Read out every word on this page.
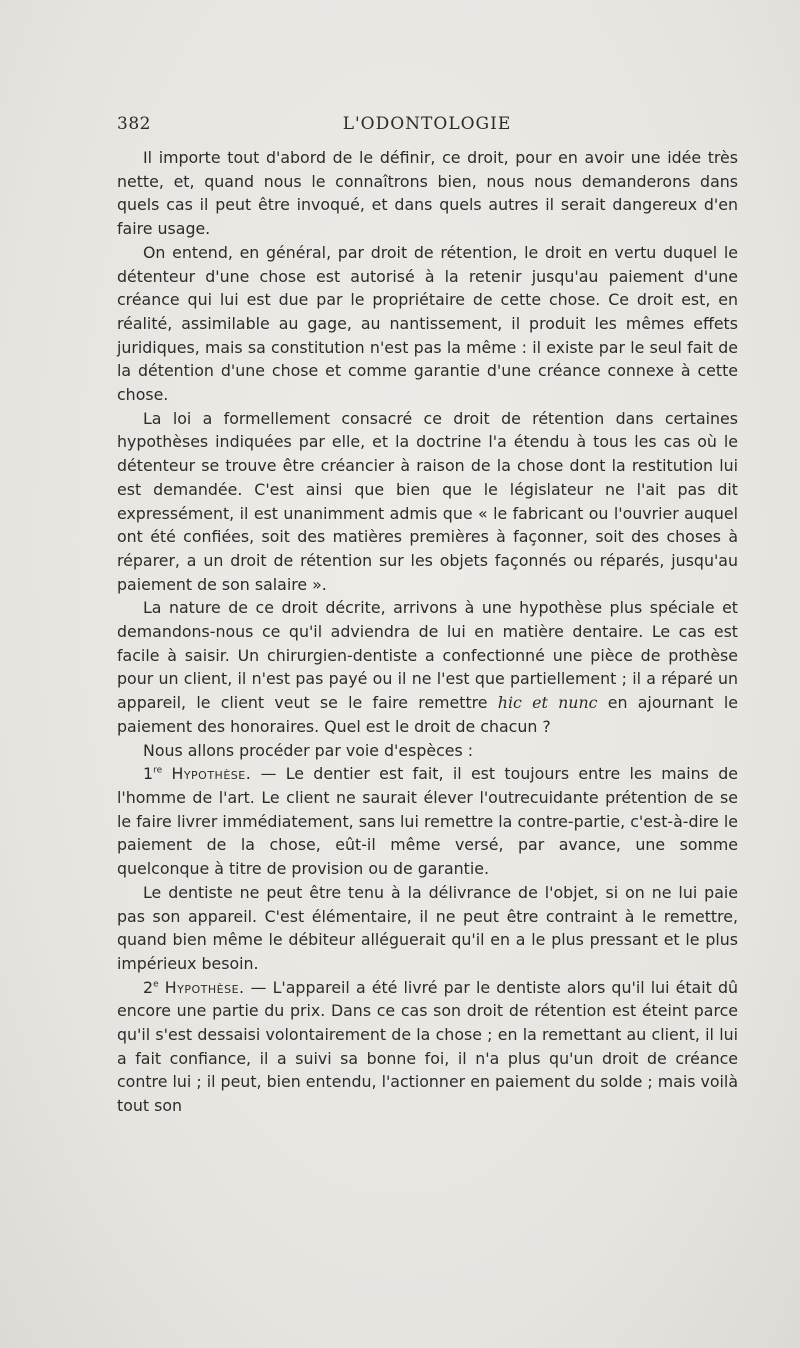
382	L'ODONTOLOGIE

Il importe tout d'abord de le définir, ce droit, pour en avoir une idée très nette, et, quand nous le connaîtrons bien, nous nous demanderons dans quels cas il peut être invoqué, et dans quels autres il serait dangereux d'en faire usage.

On entend, en général, par droit de rétention, le droit en vertu duquel le détenteur d'une chose est autorisé à la retenir jusqu'au paiement d'une créance qui lui est due par le propriétaire de cette chose. Ce droit est, en réalité, assimilable au gage, au nantissement, il produit les mêmes effets juridiques, mais sa constitution n'est pas la même : il existe par le seul fait de la détention d'une chose et comme garantie d'une créance connexe à cette chose.

La loi a formellement consacré ce droit de rétention dans certaines hypothèses indiquées par elle, et la doctrine l'a étendu à tous les cas où le détenteur se trouve être créancier à raison de la chose dont la restitution lui est demandée. C'est ainsi que bien que le législateur ne l'ait pas dit expressément, il est unanimment admis que « le fabricant ou l'ouvrier auquel ont été confiées, soit des matières premières à façonner, soit des choses à réparer, a un droit de rétention sur les objets façonnés ou réparés, jusqu'au paiement de son salaire ».

La nature de ce droit décrite, arrivons à une hypothèse plus spéciale et demandons-nous ce qu'il adviendra de lui en matière dentaire. Le cas est facile à saisir. Un chirurgien-dentiste a confectionné une pièce de prothèse pour un client, il n'est pas payé ou il ne l'est que partiellement ; il a réparé un appareil, le client veut se le faire remettre hic et nunc en ajournant le paiement des honoraires. Quel est le droit de chacun ?

Nous allons procéder par voie d'espèces :

1re Hypothèse. — Le dentier est fait, il est toujours entre les mains de l'homme de l'art. Le client ne saurait élever l'outrecuidante prétention de se le faire livrer immédiatement, sans lui remettre la contre-partie, c'est-à-dire le paiement de la chose, eût-il même versé, par avance, une somme quelconque à titre de provision ou de garantie.

Le dentiste ne peut être tenu à la délivrance de l'objet, si on ne lui paie pas son appareil. C'est élémentaire, il ne peut être contraint à le remettre, quand bien même le débiteur alléguerait qu'il en a le plus pressant et le plus impérieux besoin.

2e Hypothèse. — L'appareil a été livré par le dentiste alors qu'il lui était dû encore une partie du prix. Dans ce cas son droit de rétention est éteint parce qu'il s'est dessaisi volontairement de la chose ; en la remettant au client, il lui a fait confiance, il a suivi sa bonne foi, il n'a plus qu'un droit de créance contre lui ; il peut, bien entendu, l'actionner en paiement du solde ; mais voilà tout son
